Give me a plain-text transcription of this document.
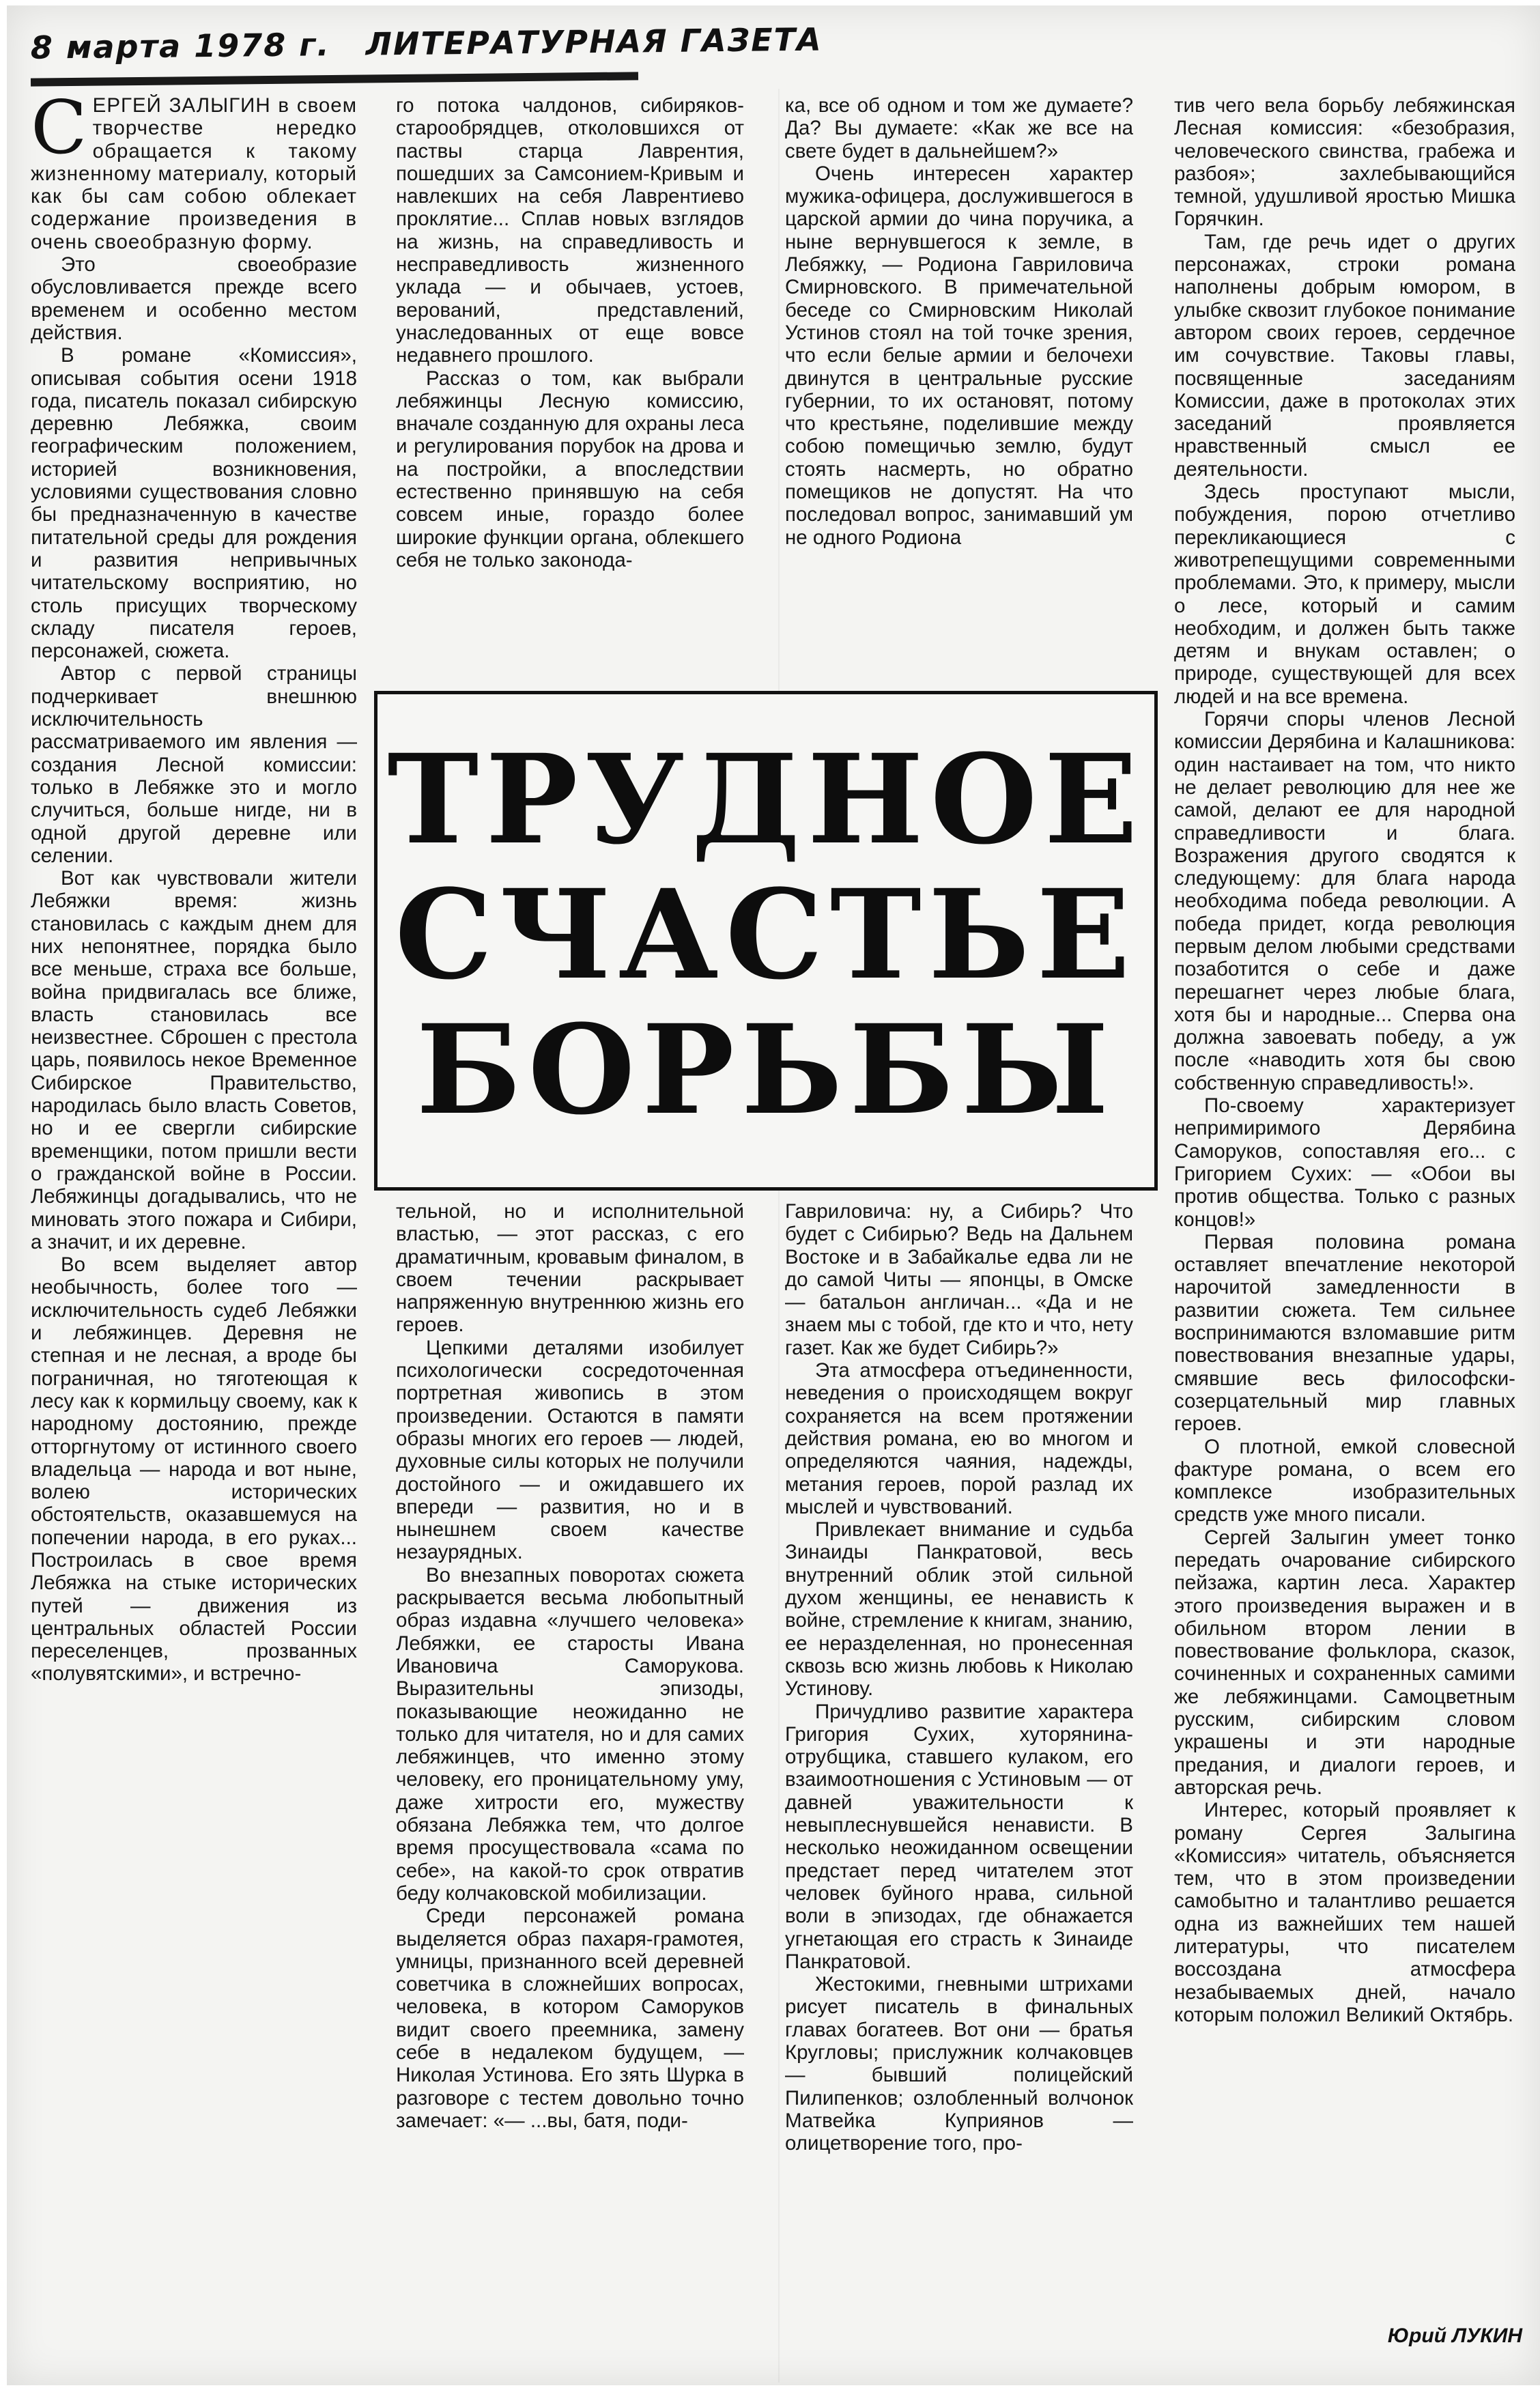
8 марта 1978 г. ЛИТЕРАТУРНАЯ ГАЗЕТА

СЕРГЕЙ ЗАЛЫГИН в своем творчестве нередко обращается к такому жизненному материалу, который как бы сам собою облекает содержание произведения в очень своеобразную форму.

Это своеобразие обусловливается прежде всего временем и особенно местом действия.

В романе «Комиссия», описывая события осени 1918 года, писатель показал сибирскую деревню Лебяжка, своим географическим положением, историей возникновения, условиями существования словно бы предназначенную в качестве питательной среды для рождения и развития непривычных читательскому восприятию, но столь присущих творческому складу писателя героев, персонажей, сюжета.

Автор с первой страницы подчеркивает внешнюю исключительность рассматриваемого им явления — создания Лесной комиссии: только в Лебяжке это и могло случиться, больше нигде, ни в одной другой деревне или селении.

Вот как чувствовали жители Лебяжки время: жизнь становилась с каждым днем для них непонятнее, порядка было все меньше, страха все больше, война придвигалась все ближе, власть становилась все неизвестнее. Сброшен с престола царь, появилось некое Временное Сибирское Правительство, народилась было власть Советов, но и ее свергли сибирские временщики, потом пришли вести о гражданской войне в России. Лебяжинцы догадывались, что не миновать этого пожара и Сибири, а значит, и их деревне.

Во всем выделяет автор необычность, более того — исключительность судеб Лебяжки и лебяжинцев. Деревня не степная и не лесная, а вроде бы пограничная, но тяготеющая к лесу как к кормильцу своему, как к народному достоянию, прежде отторгнутому от истинного своего владельца — народа и вот ныне, волею исторических обстоятельств, оказавшемуся на попечении народа, в его руках... Построилась в свое время Лебяжка на стыке исторических путей — движения из центральных областей России переселенцев, прозванных «полувятскими», и встречно-

го потока чалдонов, сибиряков-старообрядцев, отколовшихся от паствы старца Лаврентия, пошедших за Самсонием-Кривым и навлекших на себя Лаврентиево проклятие... Сплав новых взглядов на жизнь, на справедливость и несправедливость жизненного уклада — и обычаев, устоев, верований, представлений, унаследованных от еще вовсе недавнего прошлого.

Рассказ о том, как выбрали лебяжинцы Лесную комиссию, вначале созданную для охраны леса и регулирования порубок на дрова и на постройки, а впоследствии естественно принявшую на себя совсем иные, гораздо более широкие функции органа, облекшего себя не только законода-

ка, все об одном и том же думаете? Да? Вы думаете: «Как же все на свете будет в дальнейшем?»

Очень интересен характер мужика-офицера, дослужившегося в царской армии до чина поручика, а ныне вернувшегося к земле, в Лебяжку, — Родиона Гавриловича Смирновского. В примечательной беседе со Смирновским Николай Устинов стоял на той точке зрения, что если белые армии и белочехи двинутся в центральные русские губернии, то их остановят, потому что крестьяне, поделившие между собою помещичью землю, будут стоять насмерть, но обратно помещиков не допустят. На что последовал вопрос, занимавший ум не одного Родиона

ТРУДНОЕ
СЧАСТЬЕ
БОРЬБЫ

тельной, но и исполнительной властью, — этот рассказ, с его драматичным, кровавым финалом, в своем течении раскрывает напряженную внутреннюю жизнь его героев.

Цепкими деталями изобилует психологически сосредоточенная портретная живопись в этом произведении. Остаются в памяти образы многих его героев — людей, духовные силы которых не получили достойного — и ожидавшего их впереди — развития, но и в нынешнем своем качестве незаурядных.

Во внезапных поворотах сюжета раскрывается весьма любопытный образ издавна «лучшего человека» Лебяжки, ее старосты Ивана Ивановича Саморукова. Выразительны эпизоды, показывающие неожиданно не только для читателя, но и для самих лебяжинцев, что именно этому человеку, его проницательному уму, даже хитрости его, мужеству обязана Лебяжка тем, что долгое время просуществовала «сама по себе», на какой-то срок отвратив беду колчаковской мобилизации.

Среди персонажей романа выделяется образ пахаря-грамотея, умницы, признанного всей деревней советчика в сложнейших вопросах, человека, в котором Саморуков видит своего преемника, замену себе в недалеком будущем, — Николая Устинова. Его зять Шурка в разговоре с тестем довольно точно замечает: «— ...вы, батя, поди-

Гавриловича: ну, а Сибирь? Что будет с Сибирью? Ведь на Дальнем Востоке и в Забайкалье едва ли не до самой Читы — японцы, в Омске — батальон англичан... «Да и не знаем мы с тобой, где кто и что, нету газет. Как же будет Сибирь?»

Эта атмосфера отъединенности, неведения о происходящем вокруг сохраняется на всем протяжении действия романа, ею во многом и определяются чаяния, надежды, метания героев, порой разлад их мыслей и чувствований.

Привлекает внимание и судьба Зинаиды Панкратовой, весь внутренний облик этой сильной духом женщины, ее ненависть к войне, стремление к книгам, знанию, ее неразделенная, но пронесенная сквозь всю жизнь любовь к Николаю Устинову.

Причудливо развитие характера Григория Сухих, хуторянина-отрубщика, ставшего кулаком, его взаимоотношения с Устиновым — от давней уважительности к невыплеснувшейся ненависти. В несколько неожиданном освещении предстает перед читателем этот человек буйного нрава, сильной воли в эпизодах, где обнажается угнетающая его страсть к Зинаиде Панкратовой.

Жестокими, гневными штрихами рисует писатель в финальных главах богатеев. Вот они — братья Кругловы; прислужник колчаковцев — бывший полицейский Пилипенков; озлобленный волчонок Матвейка Куприянов — олицетворение того, про-

тив чего вела борьбу лебяжинская Лесная комиссия: «безобразия, человеческого свинства, грабежа и разбоя»; захлебывающийся темной, удушливой яростью Мишка Горячкин.

Там, где речь идет о других персонажах, строки романа наполнены добрым юмором, в улыбке сквозит глубокое понимание автором своих героев, сердечное им сочувствие. Таковы главы, посвященные заседаниям Комиссии, даже в протоколах этих заседаний проявляется нравственный смысл ее деятельности.

Здесь проступают мысли, побуждения, порою отчетливо перекликающиеся с животрепещущими современными проблемами. Это, к примеру, мысли о лесе, который и самим необходим, и должен быть также детям и внукам оставлен; о природе, существующей для всех людей и на все времена.

Горячи споры членов Лесной комиссии Дерябина и Калашникова: один настаивает на том, что никто не делает революцию для нее же самой, делают ее для народной справедливости и блага. Возражения другого сводятся к следующему: для блага народа необходима победа революции. А победа придет, когда революция первым делом любыми средствами позаботится о себе и даже перешагнет через любые блага, хотя бы и народные... Сперва она должна завоевать победу, а уж после «наводить хотя бы свою собственную справедливость!».

По-своему характеризует непримиримого Дерябина Саморуков, сопоставляя его... с Григорием Сухих: — «Обои вы против общества. Только с разных концов!»

Первая половина романа оставляет впечатление некоторой нарочитой замедленности в развитии сюжета. Тем сильнее воспринимаются взломавшие ритм повествования внезапные удары, смявшие весь философски-созерцательный мир главных героев.

О плотной, емкой словесной фактуре романа, о всем его комплексе изобразительных средств уже много писали.

Сергей Залыгин умеет тонко передать очарование сибирского пейзажа, картин леса. Характер этого произведения выражен и в обильном втором лении в повествование фольклора, сказок, сочиненных и сохраненных самими же лебяжинцами. Самоцветным русским, сибирским словом украшены и эти народные предания, и диалоги героев, и авторская речь.

Интерес, который проявляет к роману Сергея Залыгина «Комиссия» читатель, объясняется тем, что в этом произведении самобытно и талантливо решается одна из важнейших тем нашей литературы, что писателем воссоздана атмосфера незабываемых дней, начало которым положил Великий Октябрь.

Юрий ЛУКИН
